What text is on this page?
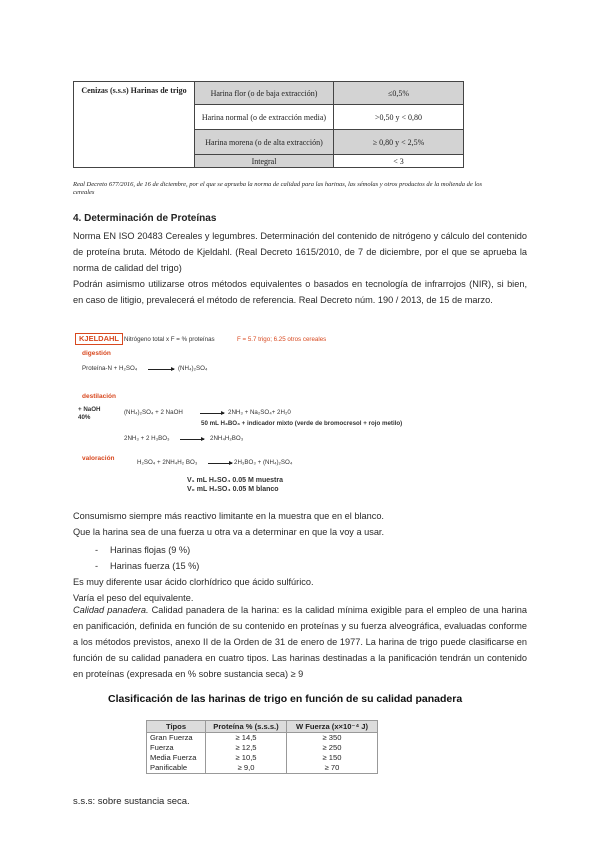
Cenizas (s.s.s) Harinas de trigo	Harina flor (o de baja extracción)	≤0,5%
	Harina normal (o de extracción media)	>0,50 y < 0,80
	Harina morena (o de alta extracción)	≥ 0,80 y < 2,5%
	Integral	< 3
Real Decreto 677/2016, de 16 de diciembre, por el que se aprueba la norma de calidad para las harinas, las sémolas y otros productos de la molienda de los cereales
4. Determinación de Proteínas
Norma EN ISO 20483 Cereales y legumbres. Determinación del contenido de nitrógeno y cálculo del contenido de proteína bruta. Método de Kjeldahl. (Real Decreto 1615/2010, de 7 de diciembre, por el que se aprueba la norma de calidad del trigo)
Podrán asimismo utilizarse otros métodos equivalentes o basados en tecnología de infrarrojos (NIR), si bien, en caso de litigio, prevalecerá el método de referencia. Real Decreto núm. 190 / 2013, de 15 de marzo.
KJELDAHL Nitrógeno total x F = % proteínas	F = 5.7 trigo; 6.25 otros cereales
digestión
Proteína-N + H₂SO₄ → (NH₄)₂SO₄
destilación
+ NaOH 40%
(NH₄)₂SO₄ + 2 NaOH → 2NH₃ + Na₂SO₄+ 2H₂0
50 mL H₃BO₃ + indicador mixto (verde de bromocresol + rojo metilo)
2NH₃ + 2 H₃BO₃ → 2NH₄H₂BO₃
valoración
H₂SO₄ + 2NH₄H₂ BO₃ → 2H₃BO₃ + (NH₄)₂SO₄
V₁ mL H₂SO₄ 0.05 M muestra
V₀ mL H₂SO₄ 0.05 M blanco
Consumismo siempre más reactivo limitante en la muestra que en el blanco.
Que la harina sea de una fuerza u otra va a determinar en que la voy a usar.
- Harinas flojas (9 %)
- Harinas fuerza (15 %)
Es muy diferente usar ácido clorhídrico que ácido sulfúrico.
Varía el peso del equivalente.
Calidad panadera. Calidad panadera de la harina: es la calidad mínima exigible para el empleo de una harina en panificación, definida en función de su contenido en proteínas y su fuerza alveográfica, evaluadas conforme a los métodos previstos, anexo II de la Orden de 31 de enero de 1977. La harina de trigo puede clasificarse en función de su calidad panadera en cuatro tipos. Las harinas destinadas a la panificación tendrán un contenido en proteínas (expresada en % sobre sustancia seca) ≥ 9
Clasificación de las harinas de trigo en función de su calidad panadera
Tipos	Proteína % (s.s.s.)	W Fuerza (x×10⁻⁴ J)
Gran Fuerza	≥ 14,5	≥ 350
Fuerza	≥ 12,5	≥ 250
Media Fuerza	≥ 10,5	≥ 150
Panificable	≥ 9,0	≥ 70
s.s.s: sobre sustancia seca.
